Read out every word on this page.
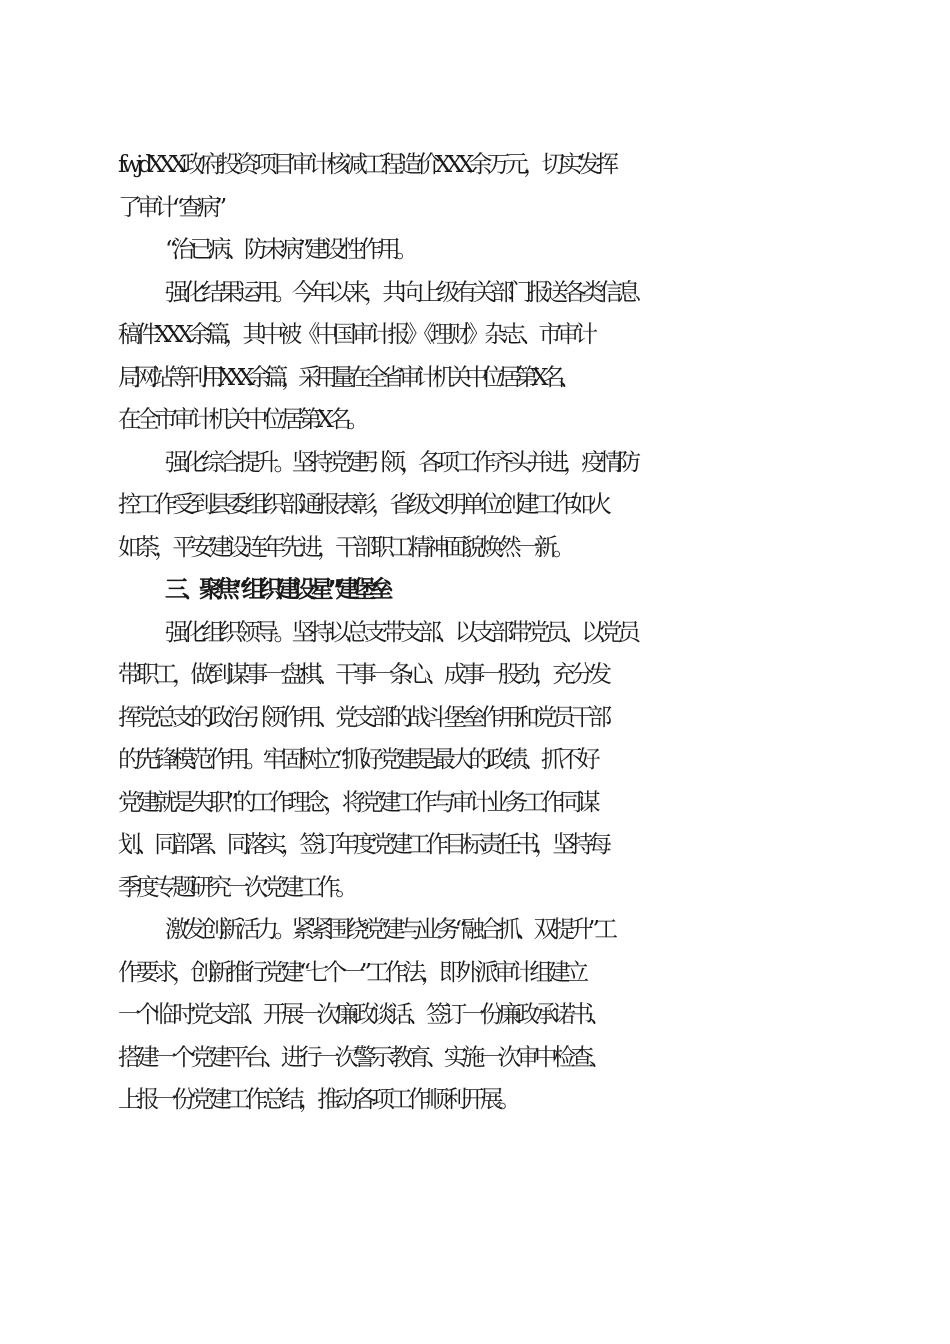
fwjdXXX政府投资项目审计核减工程造价XXX余万元，切实发挥
了审计“查病”
“治已病、防未病”建设性作用。
强化结果运用。今年以来，共向上级有关部门报送各类信息
稿件XXX余篇，其中被《中国审计报》《理财》杂志、市审计
局网站等刊用XXX余篇，采用量在全省审计机关中位居第X名、
在全市审计机关中位居第X名。
强化综合提升。坚持党建引领，各项工作齐头并进，疫情防
控工作受到县委组织部通报表彰，省级文明单位创建工作如火
如荼，平安建设连年先进，干部职工精神面貌焕然一新。
三、聚焦“组织建设星”建堡垒
强化组织领导。坚持以总支带支部、以支部带党员、以党员
带职工，做到谋事一盘棋、干事一条心、成事一股劲，充分发
挥党总支的政治引领作用、党支部的战斗堡垒作用和党员干部
的先锋模范作用。牢固树立“抓好党建是最大的政绩、抓不好
党建就是失职”的工作理念，将党建工作与审计业务工作同谋
划、同部署、同落实，签订年度党建工作目标责任书，坚持每
季度专题研究一次党建工作。
激发创新活力。紧紧围绕党建与业务“融合抓、双提升”工
作要求，创新推行党建“七个一”工作法，即外派审计组建立
一个临时党支部、开展一次廉政谈话、签订一份廉政承诺书、
搭建一个党建平台、进行一次警示教育、实施一次审中检查、
上报一份党建工作总结，推动各项工作顺利开展。
